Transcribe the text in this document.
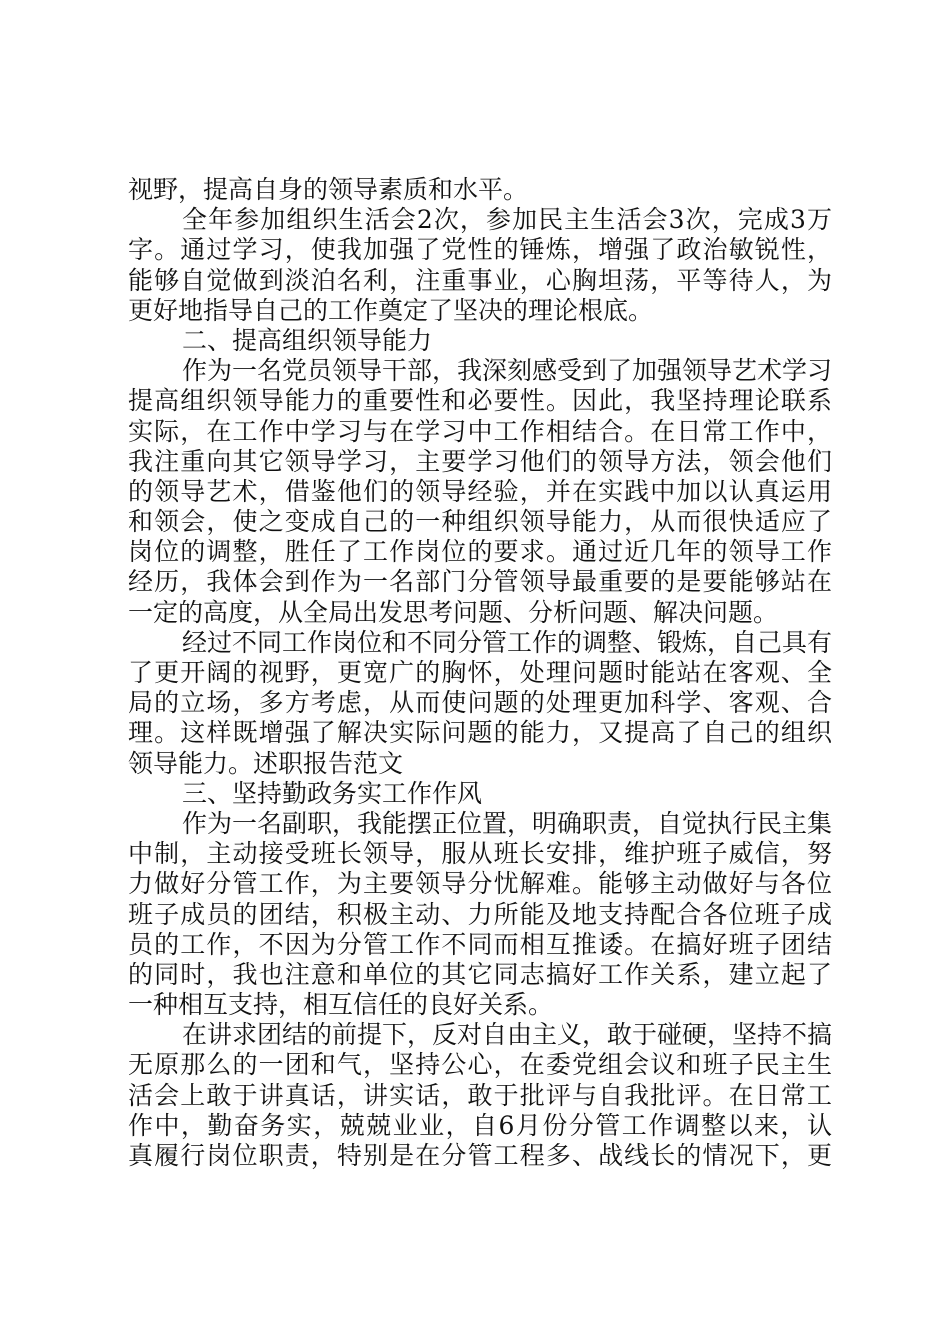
视野，提高自身的领导素质和水平。
全年参加组织生活会2次，参加民主生活会3次，完成3万
字。通过学习，使我加强了党性的锤炼，增强了政治敏锐性，
能够自觉做到淡泊名利，注重事业，心胸坦荡，平等待人，为
更好地指导自己的工作奠定了坚决的理论根底。
二、提高组织领导能力
作为一名党员领导干部，我深刻感受到了加强领导艺术学习
提高组织领导能力的重要性和必要性。因此，我坚持理论联系
实际，在工作中学习与在学习中工作相结合。在日常工作中，
我注重向其它领导学习，主要学习他们的领导方法，领会他们
的领导艺术，借鉴他们的领导经验，并在实践中加以认真运用
和领会，使之变成自己的一种组织领导能力，从而很快适应了
岗位的调整，胜任了工作岗位的要求。通过近几年的领导工作
经历，我体会到作为一名部门分管领导最重要的是要能够站在
一定的高度，从全局出发思考问题、分析问题、解决问题。
经过不同工作岗位和不同分管工作的调整、锻炼，自己具有
了更开阔的视野，更宽广的胸怀，处理问题时能站在客观、全
局的立场，多方考虑，从而使问题的处理更加科学、客观、合
理。这样既增强了解决实际问题的能力，又提高了自己的组织
领导能力。述职报告范文
三、坚持勤政务实工作作风
作为一名副职，我能摆正位置，明确职责，自觉执行民主集
中制，主动接受班长领导，服从班长安排，维护班子威信，努
力做好分管工作，为主要领导分忧解难。能够主动做好与各位
班子成员的团结，积极主动、力所能及地支持配合各位班子成
员的工作，不因为分管工作不同而相互推诿。在搞好班子团结
的同时，我也注意和单位的其它同志搞好工作关系，建立起了
一种相互支持，相互信任的良好关系。
在讲求团结的前提下，反对自由主义，敢于碰硬，坚持不搞
无原那么的一团和气，坚持公心，在委党组会议和班子民主生
活会上敢于讲真话，讲实话，敢于批评与自我批评。在日常工
作中，勤奋务实，兢兢业业，自6月份分管工作调整以来，认
真履行岗位职责，特别是在分管工程多、战线长的情况下，更
